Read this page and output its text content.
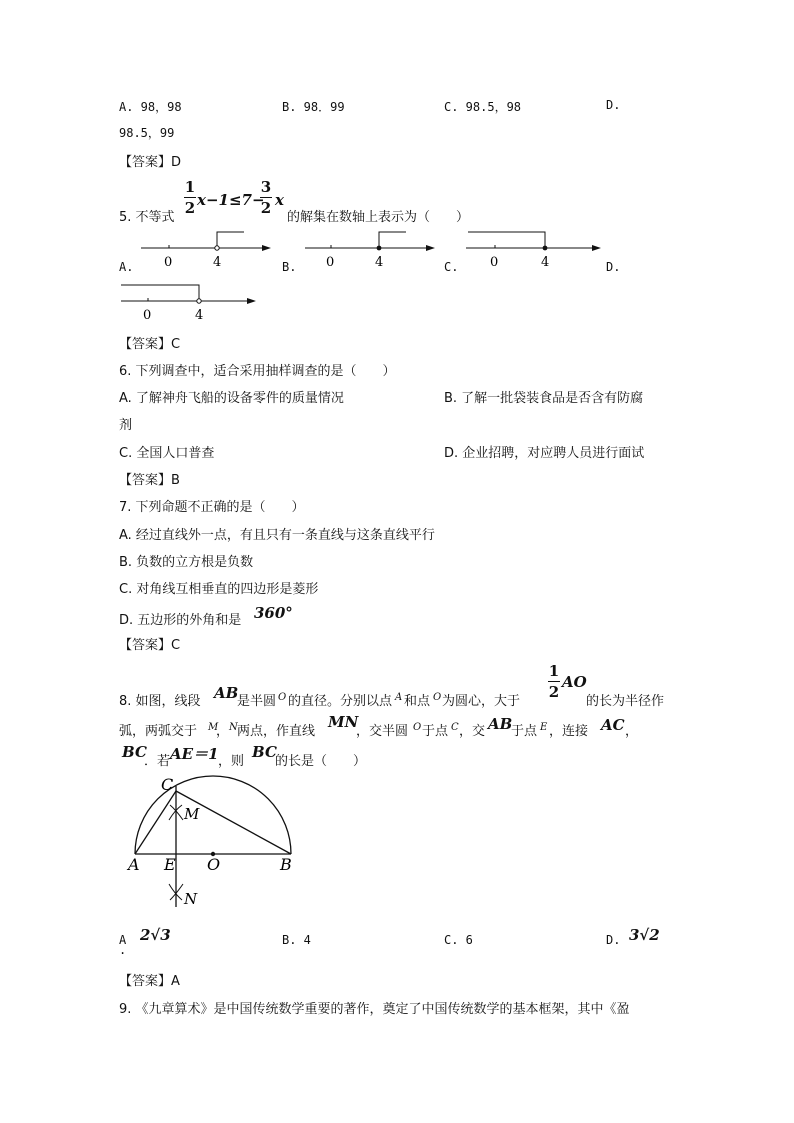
A. 98，98	B. 98．99	C. 98.5，98	D.
98.5，99
【答案】D
5. 不等式
1
2 x−1≤7−
3
2 x
的解集在数轴上表示为（　　）
A.	B.	C.	D.
0	4	0	4	0	4
0	4
【答案】C
6. 下列调查中，适合采用抽样调查的是（　　）
A. 了解神舟飞船的设备零件的质量情况	B. 了解一批袋装食品是否含有防腐
剂
C. 全国人口普查	D. 企业招聘，对应聘人员进行面试
【答案】B
7. 下列命题不正确的是（　　）
A. 经过直线外一点，有且只有一条直线与这条直线平行
B. 负数的立方根是负数
C. 对角线互相垂直的四边形是菱形
D. 五边形的外角和是 360°
【答案】C
8. 如图，线段 AB
是半圆 O 的直径。分别以点 A 和点 O 为圆心，大于
1
2
AO
的长为半径作
弧，两弧交于 M
， N 两点，作直线
MN
，交半圆 O 于点 C ，交 AB
于点 E ，连接 AC ，
BC
．若 AE＝1 ，则
BC
的长是（　　）
C
M
A E O	B
N
A
.
2√3	B. 4	C. 6	D. 3√2
【答案】A
9. 《九章算术》是中国传统数学重要的著作，奠定了中国传统数学的基本框架，其中《盈
